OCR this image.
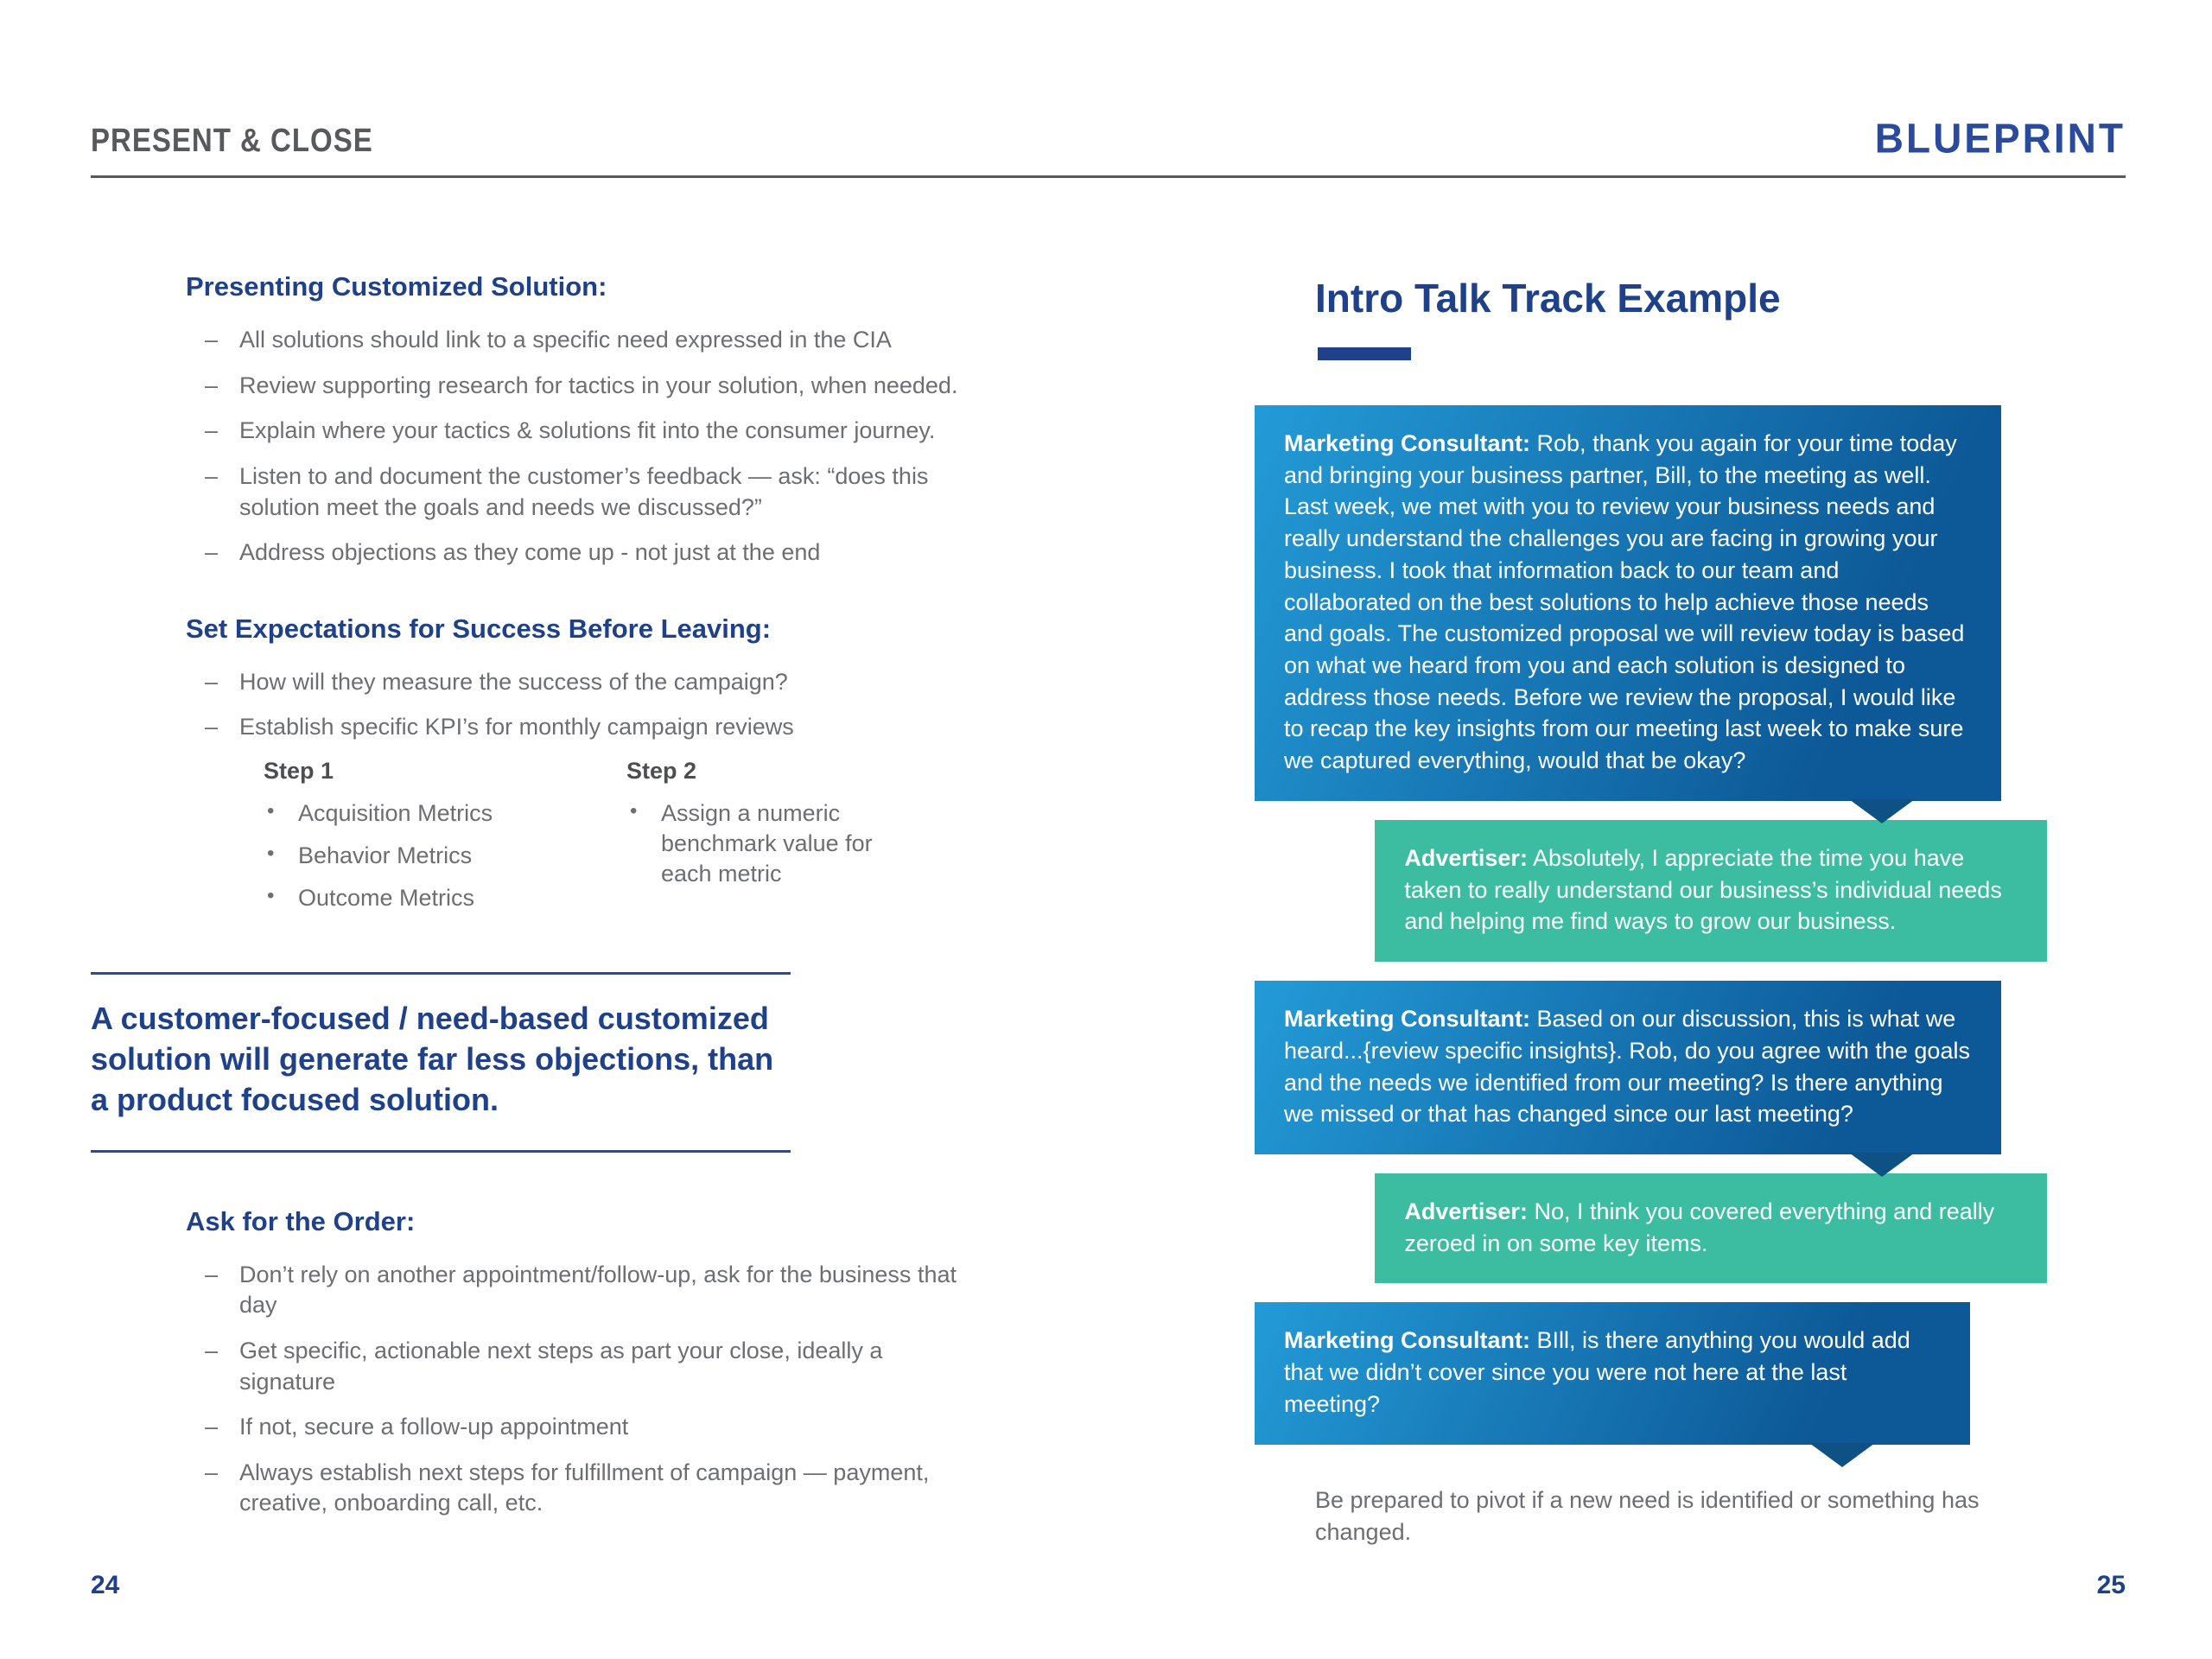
PRESENT & CLOSE	BLUEPRINT
Presenting Customized Solution:
– All solutions should link to a specific need expressed in the CIA
– Review supporting research for tactics in your solution, when needed.
– Explain where your tactics & solutions fit into the consumer journey.
– Listen to and document the customer’s feedback — ask: “does this solution meet the goals and needs we discussed?”
– Address objections as they come up - not just at the end
Set Expectations for Success Before Leaving:
– How will they measure the success of the campaign?
– Establish specific KPI’s for monthly campaign reviews
Step 1
• Acquisition Metrics
• Behavior Metrics
• Outcome Metrics
Step 2
• Assign a numeric benchmark value for each metric

A customer-focused / need-based customized solution will generate far less objections, than a product focused solution.

Ask for the Order:
– Don’t rely on another appointment/follow-up, ask for the business that day
– Get specific, actionable next steps as part your close, ideally a signature
– If not, secure a follow-up appointment
– Always establish next steps for fulfillment of campaign — payment, creative, onboarding call, etc.
Intro Talk Track Example

Marketing Consultant: Rob, thank you again for your time today and bringing your business partner, Bill, to the meeting as well. Last week, we met with you to review your business needs and really understand the challenges you are facing in growing your business. I took that information back to our team and collaborated on the best solutions to help achieve those needs and goals. The customized proposal we will review today is based on what we heard from you and each solution is designed to address those needs. Before we review the proposal, I would like to recap the key insights from our meeting last week to make sure we captured everything, would that be okay?

Advertiser: Absolutely, I appreciate the time you have taken to really understand our business’s individual needs and helping me find ways to grow our business.

Marketing Consultant: Based on our discussion, this is what we heard...{review specific insights}. Rob, do you agree with the goals and the needs we identified from our meeting? Is there anything we missed or that has changed since our last meeting?

Advertiser: No, I think you covered everything and really zeroed in on some key items.

Marketing Consultant: BIll, is there anything you would add that we didn’t cover since you were not here at the last meeting?

Be prepared to pivot if a new need is identified or something has changed.

24	25
